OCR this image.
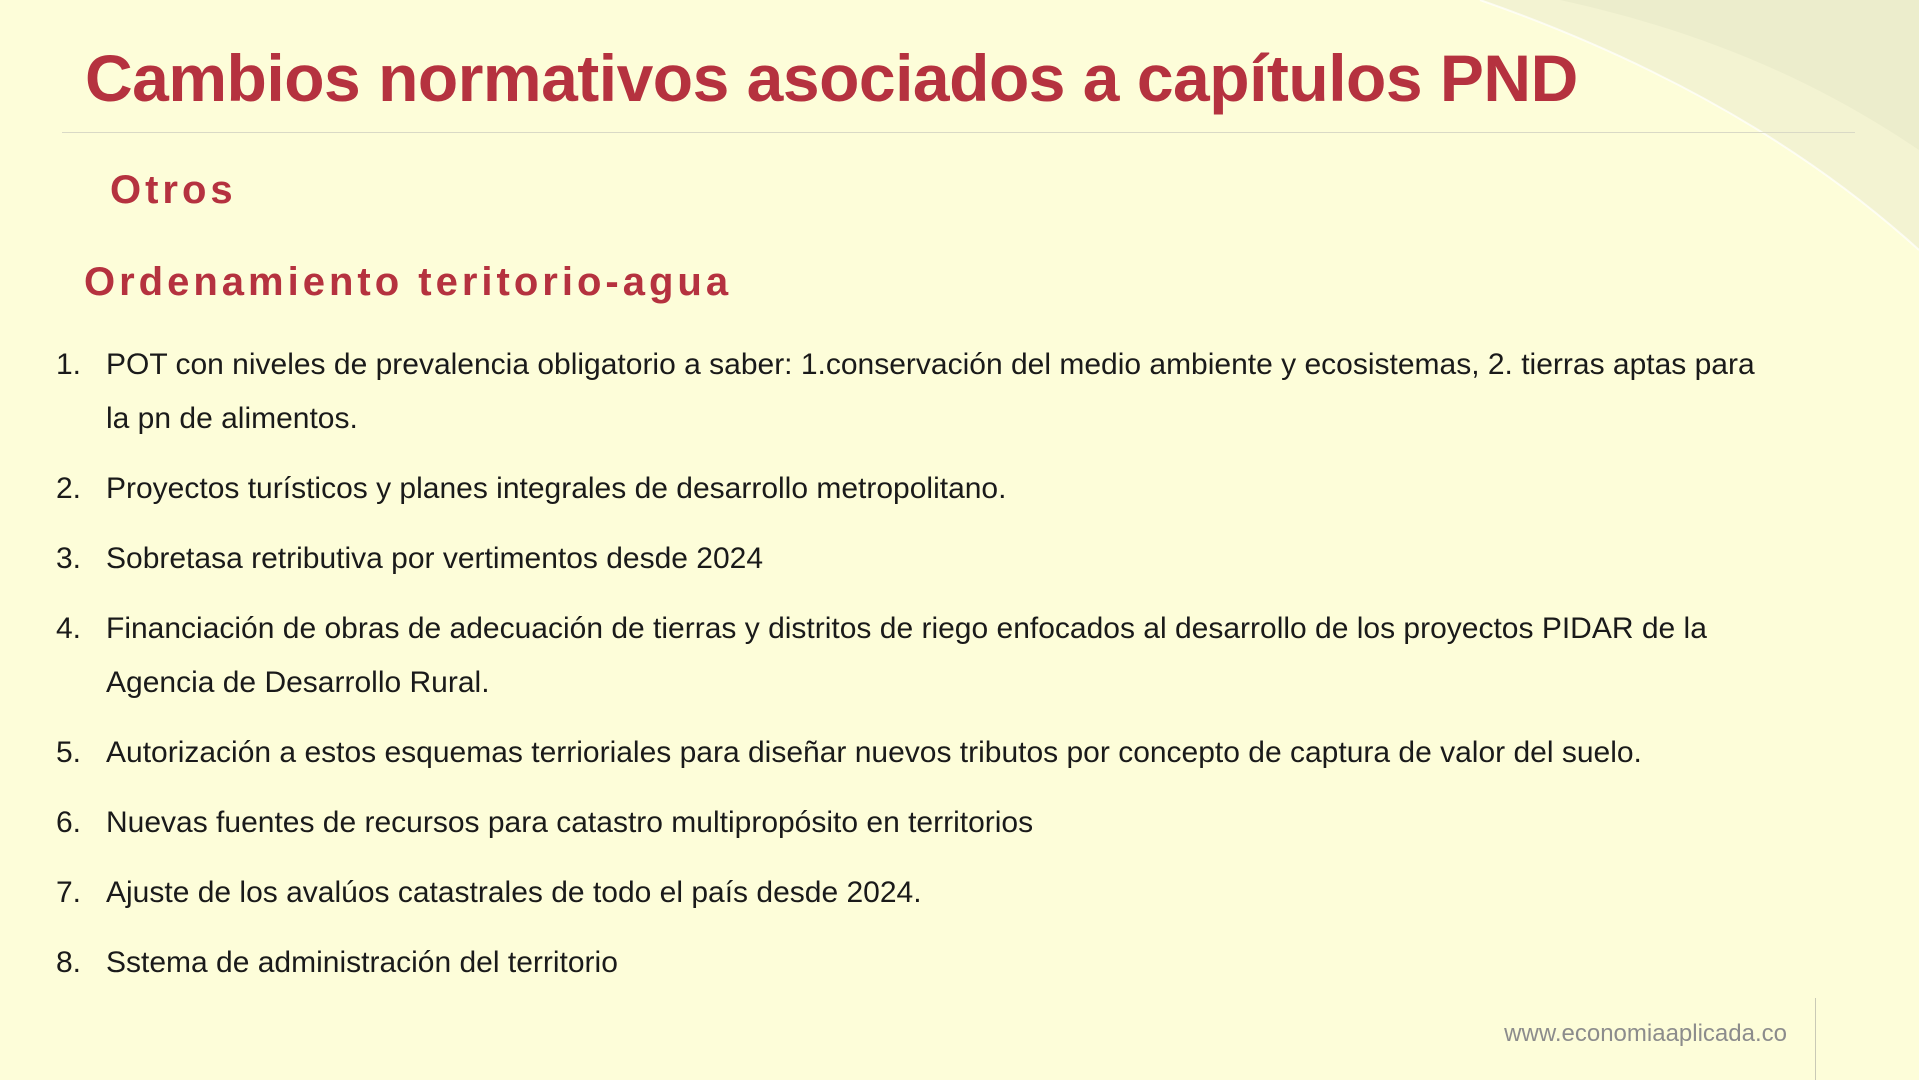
Cambios normativos asociados a capítulos PND
Otros
Ordenamiento teritorio-agua
1. POT con niveles de prevalencia obligatorio a saber: 1.conservación del medio ambiente y ecosistemas, 2. tierras aptas para la pn de alimentos.
2. Proyectos turísticos y planes integrales de desarrollo metropolitano.
3. Sobretasa retributiva por vertimentos desde 2024
4. Financiación de obras de adecuación de tierras y distritos de riego enfocados al desarrollo de los proyectos PIDAR de la Agencia de Desarrollo Rural.
5. Autorización a estos esquemas terrioriales para diseñar nuevos tributos por concepto de captura de valor del suelo.
6. Nuevas fuentes de recursos para catastro multipropósito en territorios
7. Ajuste de los avalúos catastrales de todo el país desde 2024.
8. Sstema de administración del territorio
www.economiaaplicada.co
